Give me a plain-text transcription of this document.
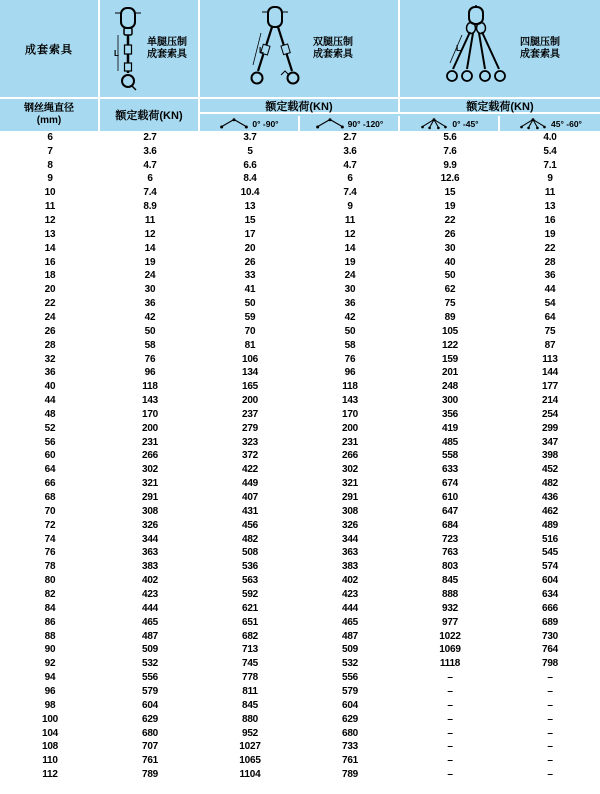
成套索具	L
单腿压制
成套索具	L
双腿压制
成套索具
L
四腿压制
成套索具
钢丝绳直径
(mm)	额定载荷(KN)
额定载荷(KN)	额定载荷(KN)
0° -90°	90° -120°	0° -45°	45° -60°
6	2.7	3.7	2.7	5.6	4.0
7	3.6	5	3.6	7.6	5.4
8	4.7	6.6	4.7	9.9	7.1
9	6	8.4	6	12.6	9
10	7.4	10.4	7.4	15	11
11	8.9	13	9	19	13
12	11	15	11	22	16
13	12	17	12	26	19
14	14	20	14	30	22
16	19	26	19	40	28
18	24	33	24	50	36
20	30	41	30	62	44
22	36	50	36	75	54
24	42	59	42	89	64
26	50	70	50	105	75
28	58	81	58	122	87
32	76	106	76	159	113
36	96	134	96	201	144
40	118	165	118	248	177
44	143	200	143	300	214
48	170	237	170	356	254
52	200	279	200	419	299
56	231	323	231	485	347
60	266	372	266	558	398
64	302	422	302	633	452
66	321	449	321	674	482
68	291	407	291	610	436
70	308	431	308	647	462
72	326	456	326	684	489
74	344	482	344	723	516
76	363	508	363	763	545
78	383	536	383	803	574
80	402	563	402	845	604
82	423	592	423	888	634
84	444	621	444	932	666
86	465	651	465	977	689
88	487	682	487	1022	730
90	509	713	509	1069	764
92	532	745	532	1118	798
94	556	778	556	–	–
96	579	811	579	–	–
98	604	845	604	–	–
100	629	880	629	–	–
104	680	952	680	–	–
108	707	1027	733	–	–
110	761	1065	761	–	–
112	789	1104	789	–	–
